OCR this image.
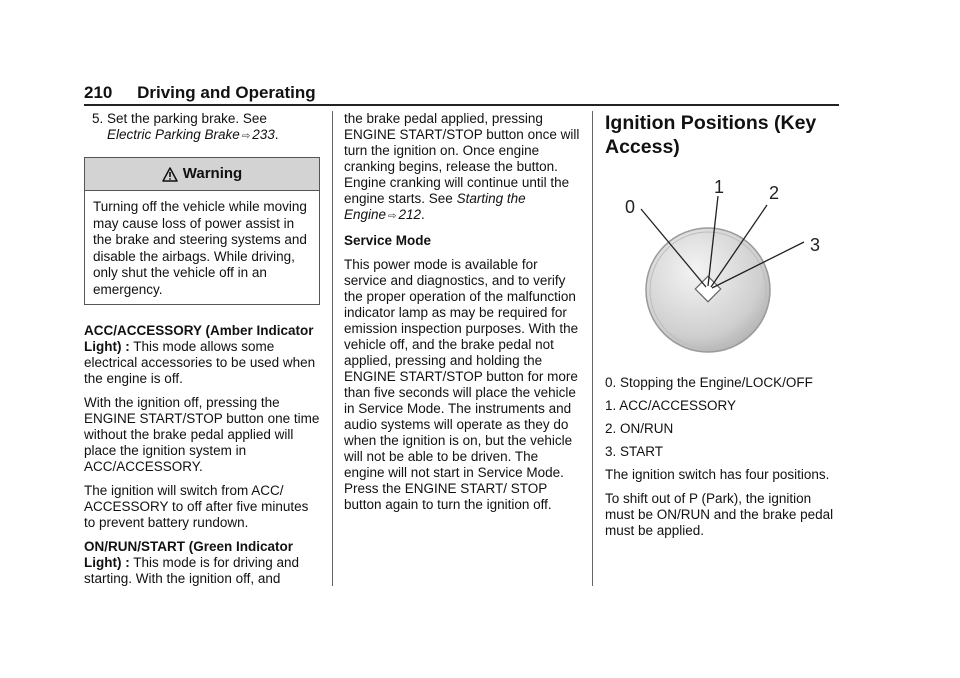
210 Driving and Operating
5. Set the parking brake. See
Electric Parking Brake ⇨ 233.
Warning
Turning off the vehicle while moving may cause loss of power assist in the brake and steering systems and disable the airbags. While driving, only shut the vehicle off in an emergency.

ACC/ACCESSORY (Amber Indicator Light) : This mode allows some electrical accessories to be used when the engine is off.

With the ignition off, pressing the ENGINE START/STOP button one time without the brake pedal applied will place the ignition system in ACC/ACCESSORY.

The ignition will switch from ACC/ ACCESSORY to off after five minutes to prevent battery rundown.

ON/RUN/START (Green Indicator Light) : This mode is for driving and starting. With the ignition off, and

the brake pedal applied, pressing ENGINE START/STOP button once will turn the ignition on. Once engine cranking begins, release the button. Engine cranking will continue until the engine starts. See Starting the Engine ⇨ 212.

Service Mode

This power mode is available for service and diagnostics, and to verify the proper operation of the malfunction indicator lamp as may be required for emission inspection purposes. With the vehicle off, and the brake pedal not applied, pressing and holding the ENGINE START/STOP button for more than five seconds will place the vehicle in Service Mode. The instruments and audio systems will operate as they do when the ignition is on, but the vehicle will not be able to be driven. The engine will not start in Service Mode. Press the ENGINE START/ STOP button again to turn the ignition off.

Ignition Positions (Key Access)
0
1 2
3
0. Stopping the Engine/LOCK/OFF
1. ACC/ACCESSORY
2. ON/RUN
3. START

The ignition switch has four positions.

To shift out of P (Park), the ignition must be ON/RUN and the brake pedal must be applied.
